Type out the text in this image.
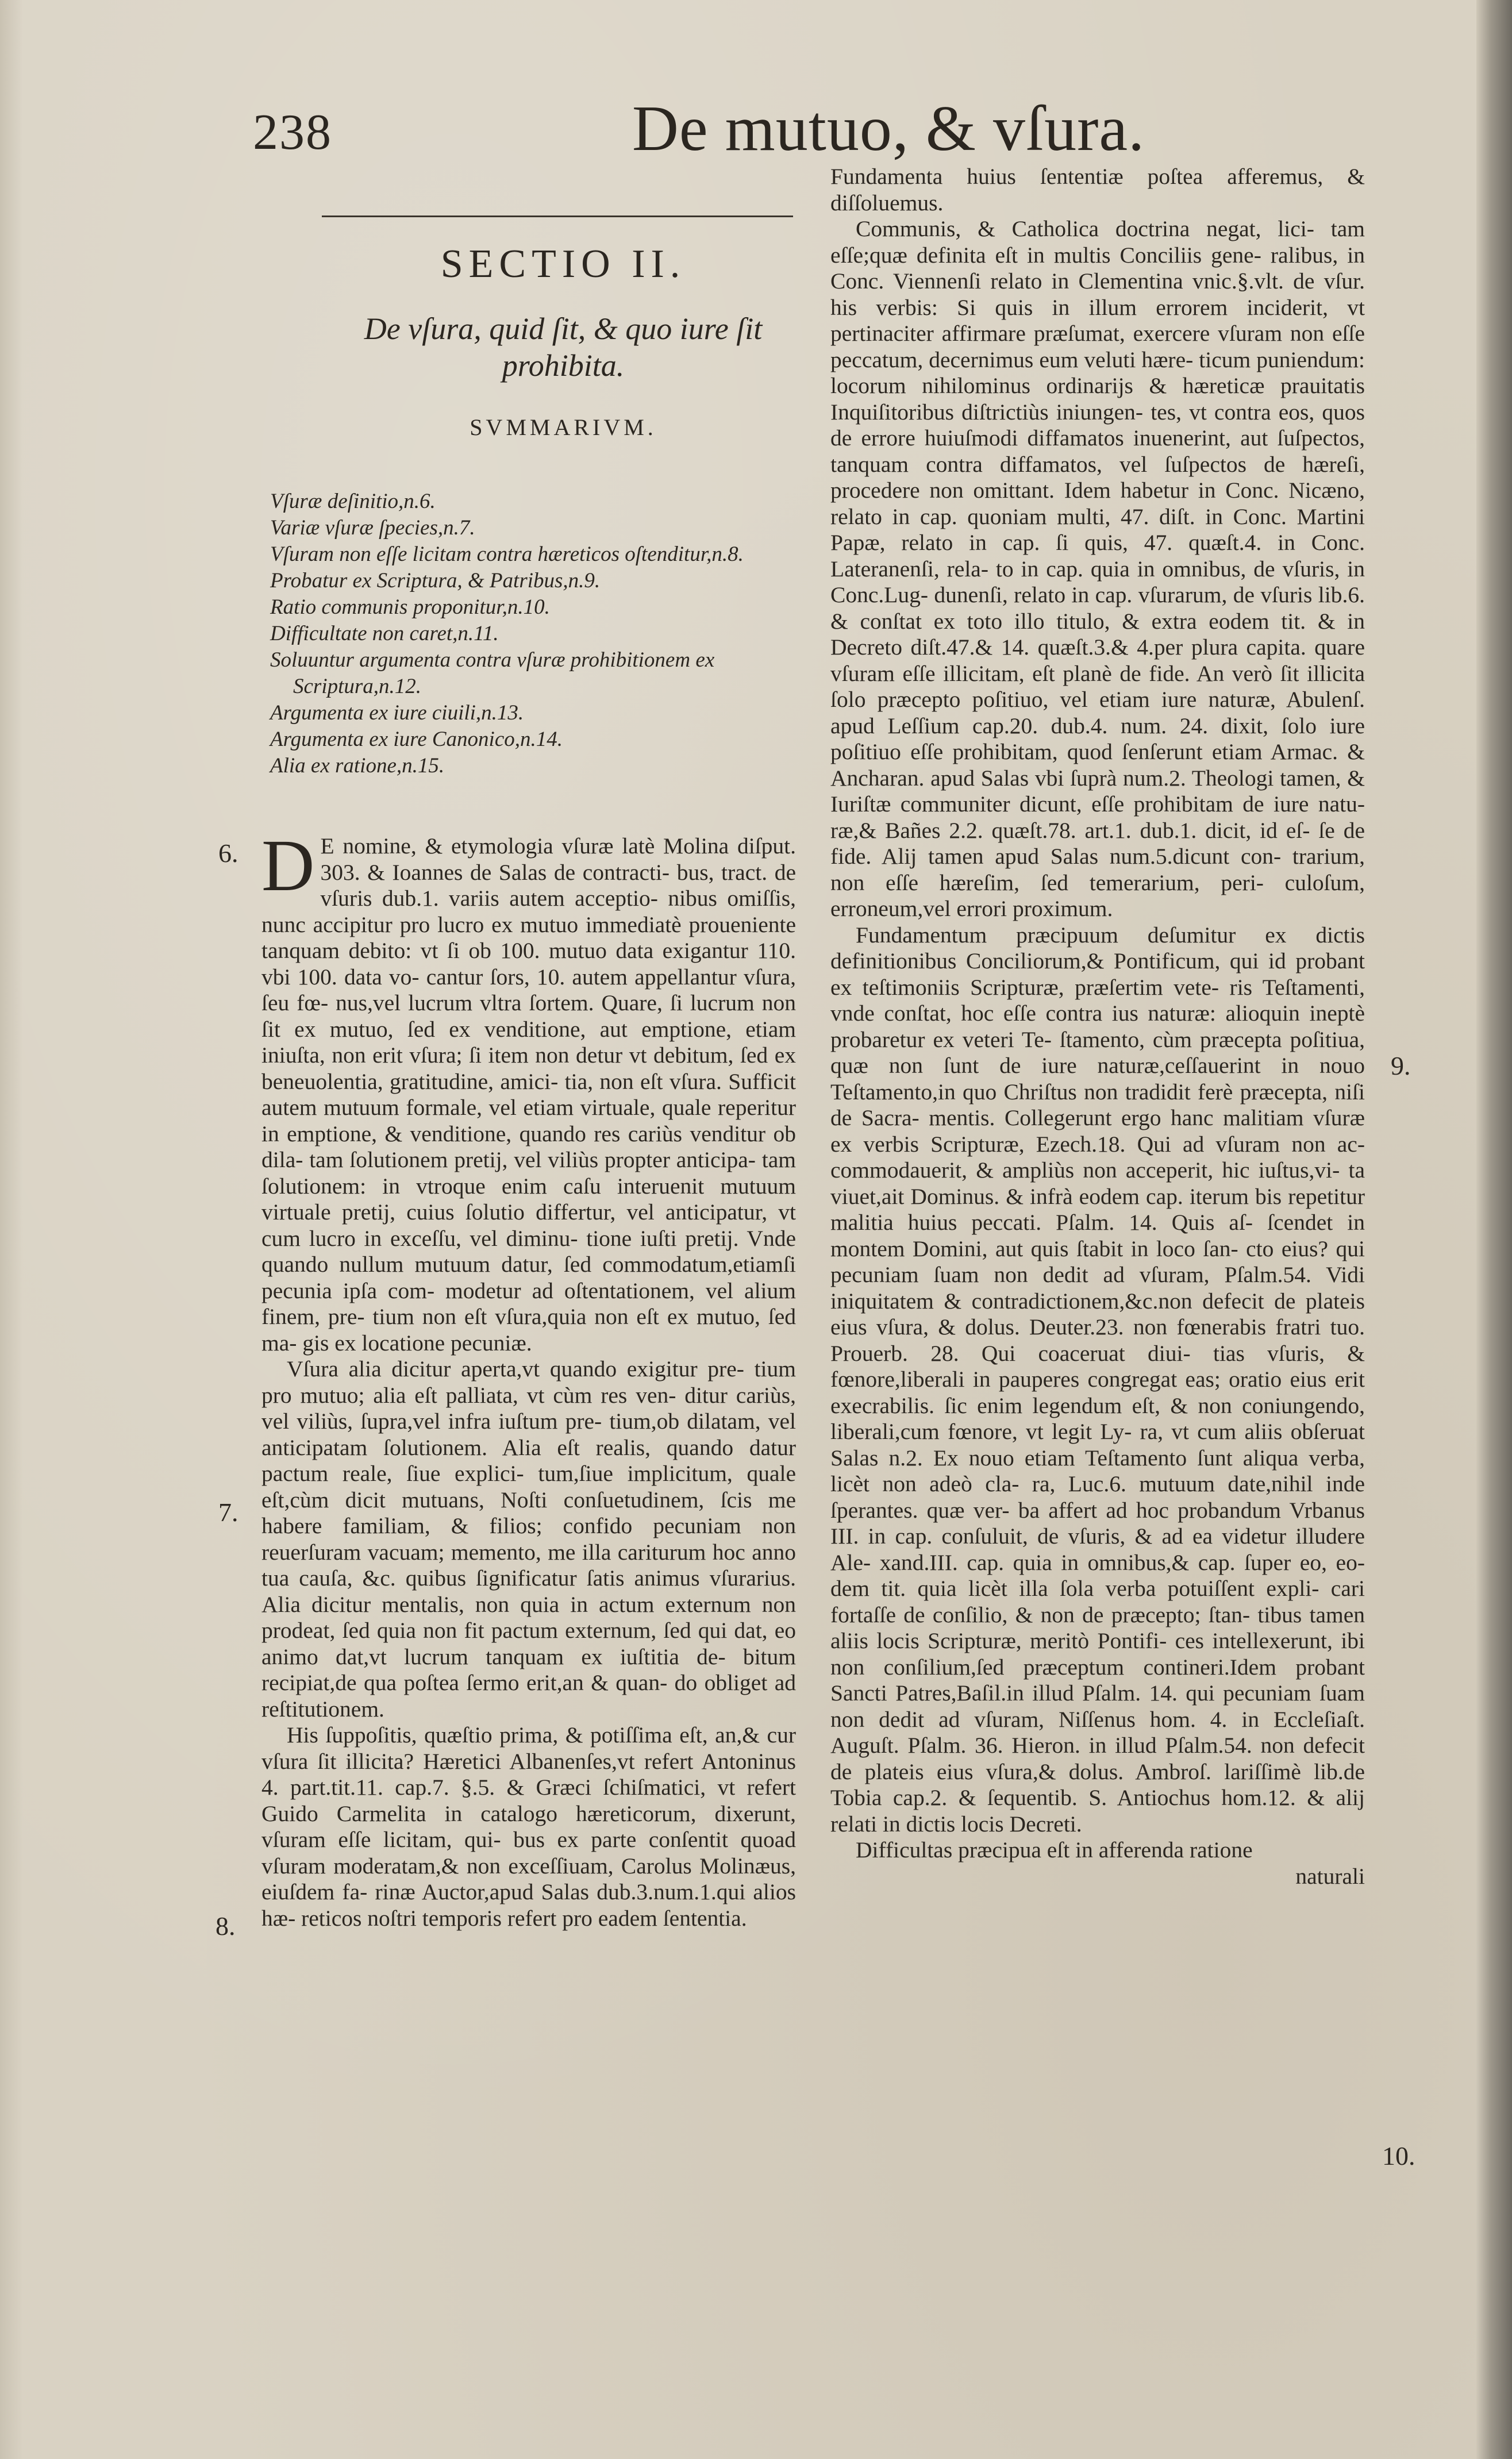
238	De mutuo, & vſura.
SECTIO II.
De vſura, quid ſit, & quo iure ſit
prohibita.
SVMMARIVM.
Vſuræ deſinitio,n.6.
Variæ vſuræ ſpecies,n.7.
Vſuram non eſſe licitam contra hæreticos oſtenditur,n.8.
Probatur ex Scriptura, & Patribus,n.9.
Ratio communis proponitur,n.10.
Difficultate non caret,n.11.
Soluuntur argumenta contra vſuræ prohibitionem ex
Scriptura,n.12.
Argumenta ex iure ciuili,n.13.
Argumenta ex iure Canonico,n.14.
Alia ex ratione,n.15.
6.
7.
8.
9.
10.

D E nomine, & etymologia vſuræ latè Molina diſput. 303. & Ioannes de Salas de contracti- bus, tract. de vſuris dub.1. variis autem acceptio- nibus omiſſis, nunc accipitur pro lucro ex mutuo immediatè proueniente tanquam debito: vt ſi ob 100. mutuo data exigantur 110. vbi 100. data vo- cantur ſors, 10. autem appellantur vſura, ſeu fœ- nus,vel lucrum vltra ſortem. Quare, ſi lucrum non ſit ex mutuo, ſed ex venditione, aut emptione, etiam iniuſta, non erit vſura; ſi item non detur vt debitum, ſed ex beneuolentia, gratitudine, amici- tia, non eſt vſura. Sufficit autem mutuum formale, vel etiam virtuale, quale reperitur in emptione, & venditione, quando res cariùs venditur ob dila- tam ſolutionem pretij, vel viliùs propter anticipa- tam ſolutionem: in vtroque enim caſu interuenit mutuum virtuale pretij, cuius ſolutio differtur, vel anticipatur, vt cum lucro in exceſſu, vel diminu- tione iuſti pretij. Vnde quando nullum mutuum datur, ſed commodatum,etiamſi pecunia ipſa com- modetur ad oſtentationem, vel alium finem, pre- tium non eſt vſura,quia non eſt ex mutuo, ſed ma- gis ex locatione pecuniæ.

Vſura alia dicitur aperta,vt quando exigitur pre- tium pro mutuo; alia eſt palliata, vt cùm res ven- ditur cariùs, vel viliùs, ſupra,vel infra iuſtum pre- tium,ob dilatam, vel anticipatam ſolutionem. Alia eſt realis, quando datur pactum reale, ſiue explici- tum,ſiue implicitum, quale eſt,cùm dicit mutuans, Noſti conſuetudinem, ſcis me habere familiam, & filios; confido pecuniam non reuerſuram vacuam; memento, me illa cariturum hoc anno tua cauſa, &c. quibus ſignificatur ſatis animus vſurarius. Alia dicitur mentalis, non quia in actum externum non prodeat, ſed quia non fit pactum externum, ſed qui dat, eo animo dat,vt lucrum tanquam ex iuſtitia de- bitum recipiat,de qua poſtea ſermo erit,an & quan- do obliget ad reſtitutionem.

His ſuppoſitis, quæſtio prima, & potiſſima eſt, an,& cur vſura ſit illicita? Hæretici Albanenſes,vt refert Antoninus 4. part.tit.11. cap.7. §.5. & Græci ſchiſmatici, vt refert Guido Carmelita in catalogo hæreticorum, dixerunt, vſuram eſſe licitam, qui- bus ex parte conſentit quoad vſuram moderatam,& non exceſſiuam, Carolus Molinæus, eiuſdem fa- rinæ Auctor,apud Salas dub.3.num.1.qui alios hæ- reticos noſtri temporis refert pro eadem ſententia.

Fundamenta huius ſententiæ poſtea afferemus, & diſſoluemus.

Communis, & Catholica doctrina negat, lici- tam eſſe;quæ definita eſt in multis Conciliis gene- ralibus, in Conc. Viennenſi relato in Clementina vnic.§.vlt. de vſur. his verbis: Si quis in illum errorem inciderit, vt pertinaciter affirmare præſumat, exercere vſuram non eſſe peccatum, decernimus eum veluti hære- ticum puniendum: locorum nihilominus ordinarijs & hæreticæ prauitatis Inquiſitoribus diſtrictiùs iniungen- tes, vt contra eos, quos de errore huiuſmodi diffamatos inuenerint, aut ſuſpectos, tanquam contra diffamatos, vel ſuſpectos de hæreſi, procedere non omittant. Idem habetur in Conc. Nicæno, relato in cap. quoniam multi, 47. diſt. in Conc. Martini Papæ, relato in cap. ſi quis, 47. quæſt.4. in Conc. Lateranenſi, rela- to in cap. quia in omnibus, de vſuris, in Conc.Lug- dunenſi, relato in cap. vſurarum, de vſuris lib.6. & conſtat ex toto illo titulo, & extra eodem tit. & in Decreto diſt.47.& 14. quæſt.3.& 4.per plura capita. quare vſuram eſſe illicitam, eſt planè de fide. An verò ſit illicita ſolo præcepto poſitiuo, vel etiam iure naturæ, Abulenſ. apud Leſſium cap.20. dub.4. num. 24. dixit, ſolo iure poſitiuo eſſe prohibitam, quod ſenſerunt etiam Armac. & Ancharan. apud Salas vbi ſuprà num.2. Theologi tamen, & Iuriſtæ communiter dicunt, eſſe prohibitam de iure natu- ræ,& Bañes 2.2. quæſt.78. art.1. dub.1. dicit, id eſ- ſe de fide. Alij tamen apud Salas num.5.dicunt con- trarium, non eſſe hæreſim, ſed temerarium, peri- culoſum, erroneum,vel errori proximum.

Fundamentum præcipuum deſumitur ex dictis definitionibus Conciliorum,& Pontificum, qui id probant ex teſtimoniis Scripturæ, præſertim vete- ris Teſtamenti, vnde conſtat, hoc eſſe contra ius naturæ: alioquin ineptè probaretur ex veteri Te- ſtamento, cùm præcepta poſitiua, quæ non ſunt de iure naturæ,ceſſauerint in nouo Teſtamento,in quo Chriſtus non tradidit ferè præcepta, niſi de Sacra- mentis. Collegerunt ergo hanc malitiam vſuræ ex verbis Scripturæ, Ezech.18. Qui ad vſuram non ac- commodauerit, & ampliùs non acceperit, hic iuſtus,vi- ta viuet,ait Dominus. & infrà eodem cap. iterum bis repetitur malitia huius peccati. Pſalm. 14. Quis aſ- ſcendet in montem Domini, aut quis ſtabit in loco ſan- cto eius? qui pecuniam ſuam non dedit ad vſuram, Pſalm.54. Vidi iniquitatem & contradictionem,&c.non defecit de plateis eius vſura, & dolus. Deuter.23. non fœnerabis fratri tuo. Prouerb. 28. Qui coaceruat diui- tias vſuris, & fœnore,liberali in pauperes congregat eas; oratio eius erit execrabilis. ſic enim legendum eſt, & non coniungendo, liberali,cum fœnore, vt legit Ly- ra, vt cum aliis obſeruat Salas n.2. Ex nouo etiam Teſtamento ſunt aliqua verba, licèt non adeò cla- ra, Luc.6. mutuum date,nihil inde ſperantes. quæ ver- ba affert ad hoc probandum Vrbanus III. in cap. conſuluit, de vſuris, & ad ea videtur illudere Ale- xand.III. cap. quia in omnibus,& cap. ſuper eo, eo- dem tit. quia licèt illa ſola verba potuiſſent expli- cari fortaſſe de conſilio, & non de præcepto; ſtan- tibus tamen aliis locis Scripturæ, meritò Pontifi- ces intellexerunt, ibi non conſilium,ſed præceptum contineri.Idem probant Sancti Patres,Baſil.in illud Pſalm. 14. qui pecuniam ſuam non dedit ad vſuram, Niſſenus hom. 4. in Eccleſiaſt. Auguſt. Pſalm. 36. Hieron. in illud Pſalm.54. non defecit de plateis eius vſura,& dolus. Ambroſ. lariſſimè lib.de Tobia cap.2. & ſequentib. S. Antiochus hom.12. & alij relati in dictis locis Decreti.

Difficultas præcipua eſt in afferenda ratione

naturali
